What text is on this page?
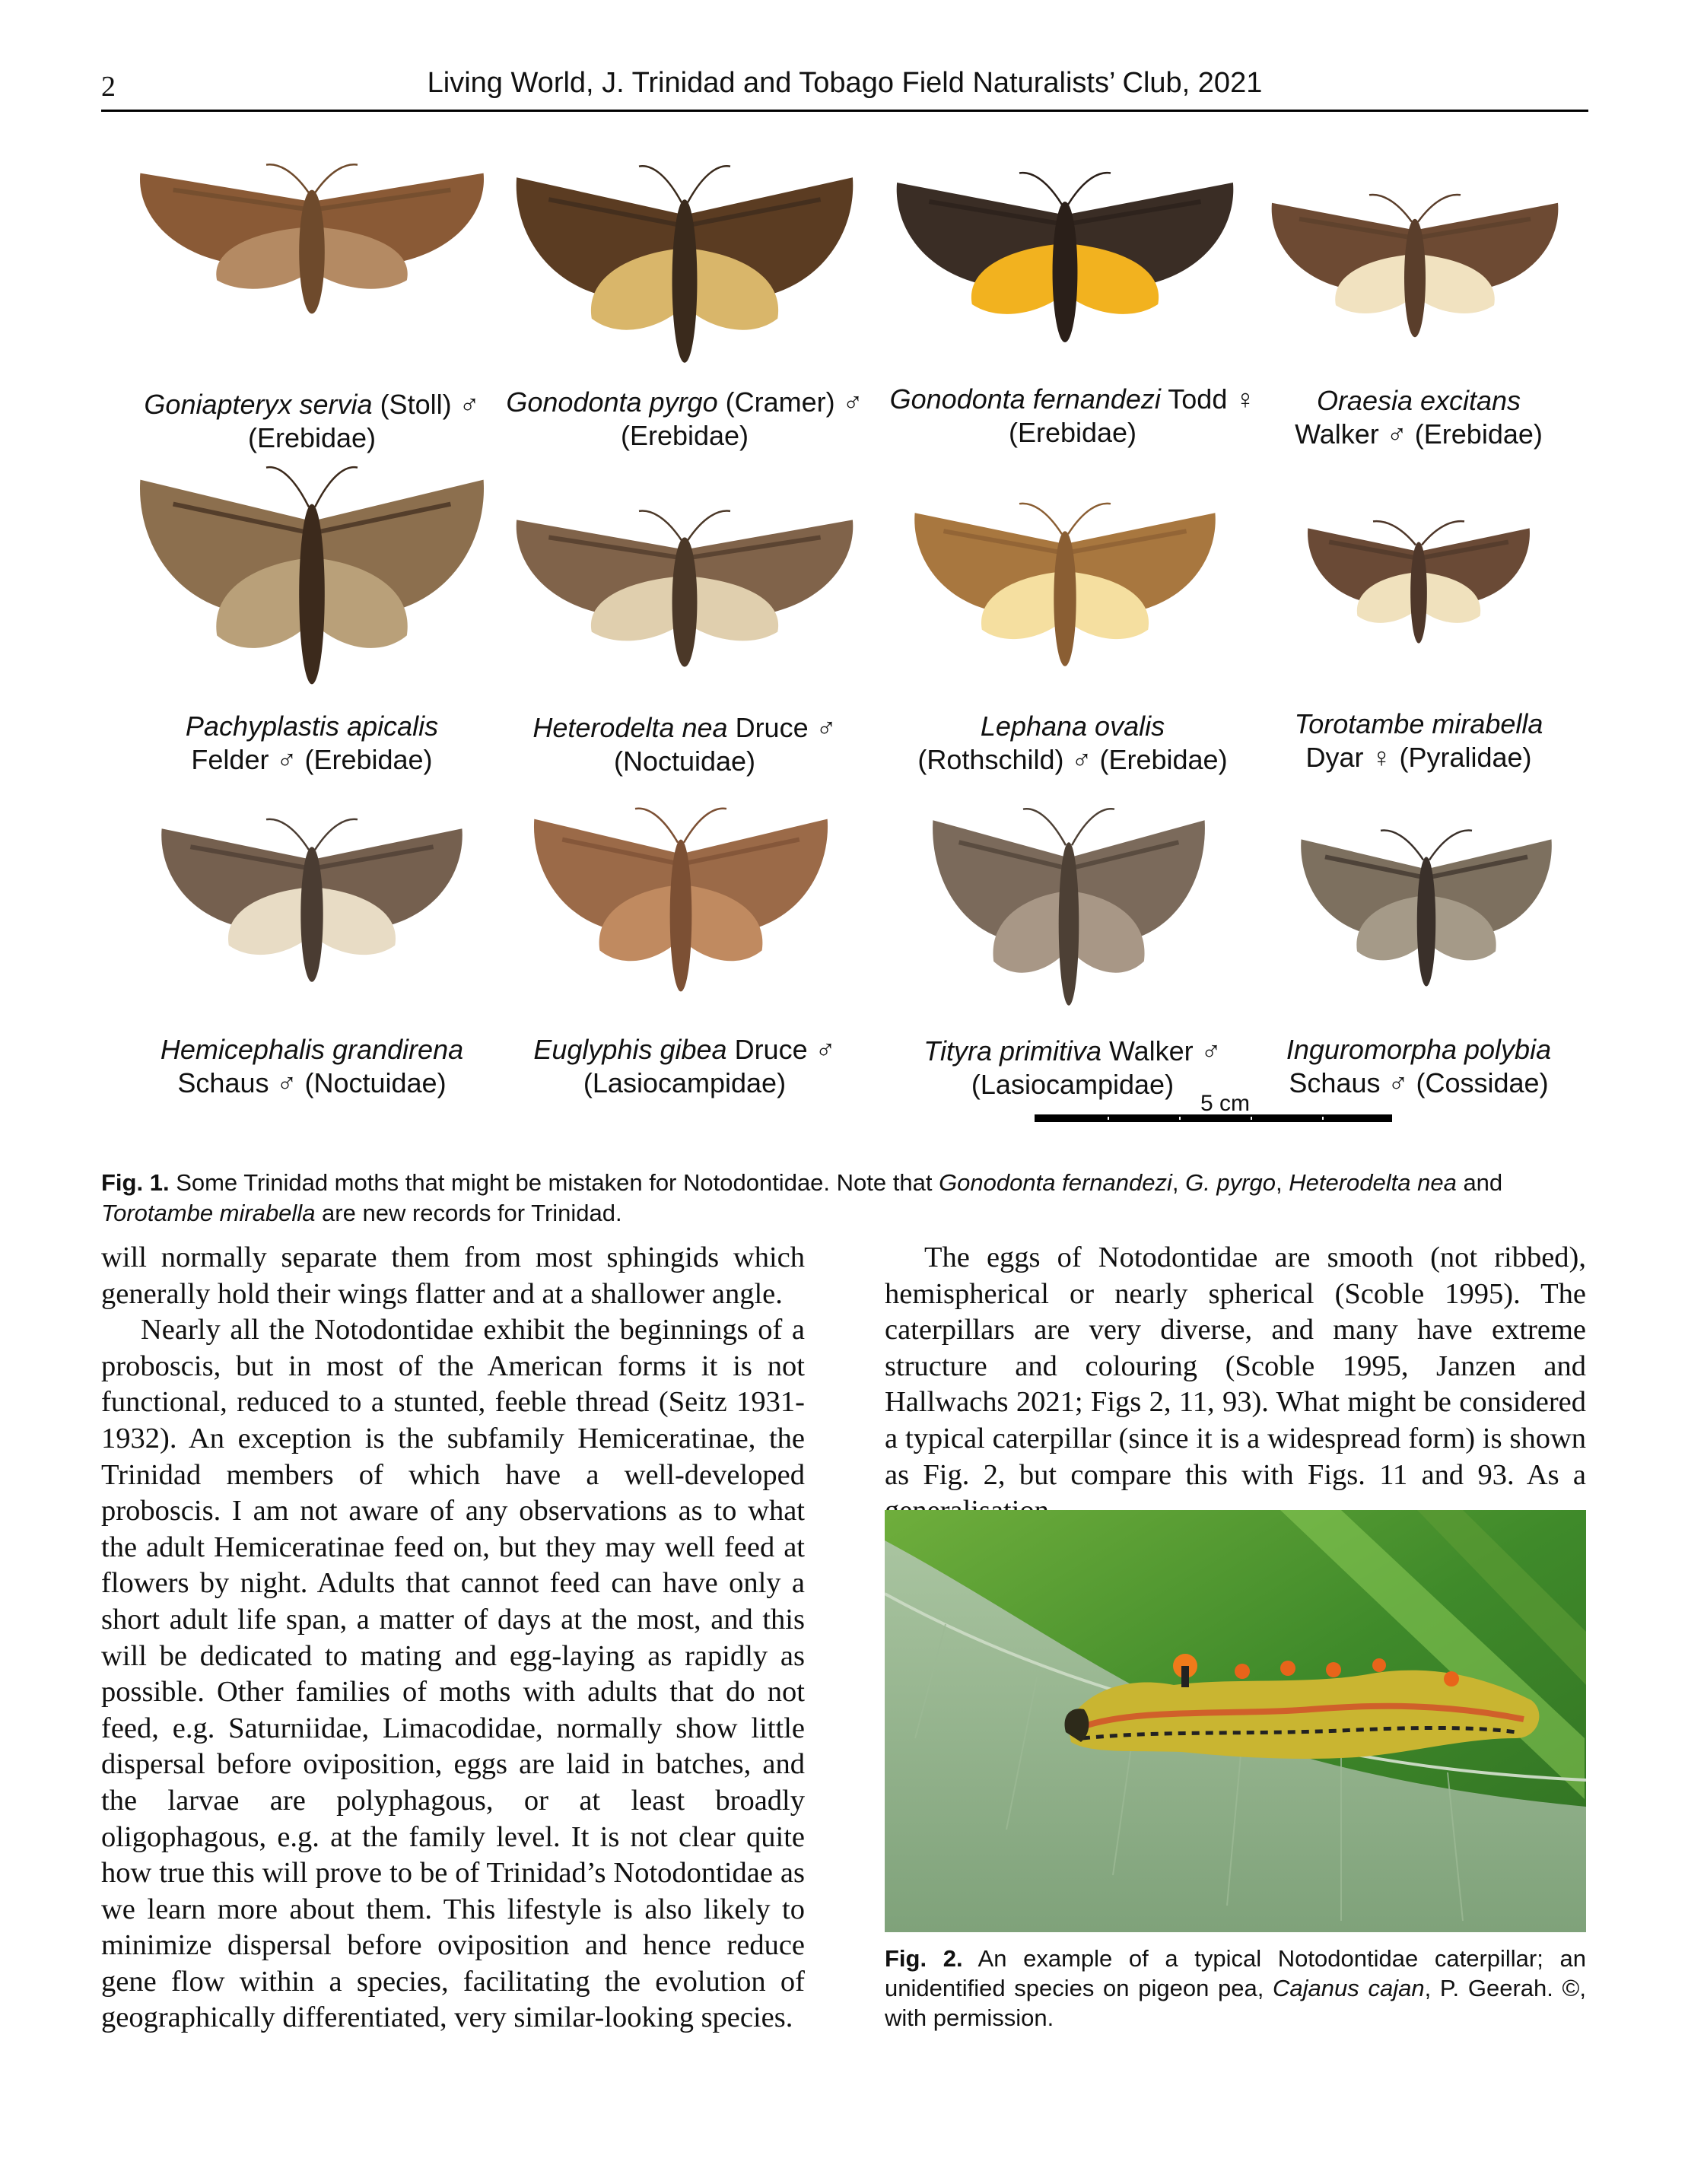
2	Living World, J. Trinidad and Tobago Field Naturalists’ Club, 2021
Goniapteryx servia (Stoll) ♂
(Erebidae)
Gonodonta pyrgo (Cramer) ♂
(Erebidae)
Gonodonta fernandezi Todd ♀
(Erebidae)
Oraesia excitans
Walker ♂ (Erebidae)
Pachyplastis apicalis
Felder ♂ (Erebidae)
Heterodelta nea Druce ♂
(Noctuidae)
Lephana ovalis
(Rothschild) ♂ (Erebidae)
Torotambe mirabella
Dyar ♀ (Pyralidae)
Hemicephalis grandirena
Schaus ♂ (Noctuidae)
Euglyphis gibea Druce ♂
(Lasiocampidae)
Tityra primitiva Walker ♂
(Lasiocampidae)
Inguromorpha polybia
Schaus ♂ (Cossidae)
5 cm
Fig. 1. Some Trinidad moths that might be mistaken for Notodontidae. Note that Gonodonta fernandezi, G. pyrgo, Heterodelta nea and Torotambe mirabella are new records for Trinidad.

will normally separate them from most sphingids which generally hold their wings flatter and at a shallower angle.

Nearly all the Notodontidae exhibit the beginnings of a proboscis, but in most of the American forms it is not functional, reduced to a stunted, feeble thread (Seitz 1931-1932). An exception is the subfamily Hemiceratinae, the Trinidad members of which have a well-developed proboscis. I am not aware of any observations as to what the adult Hemiceratinae feed on, but they may well feed at flowers by night. Adults that cannot feed can have only a short adult life span, a matter of days at the most, and this will be dedicated to mating and egg-laying as rapidly as possible. Other families of moths with adults that do not feed, e.g. Saturniidae, Limacodidae, normally show little dispersal before oviposition, eggs are laid in batches, and the larvae are polyphagous, or at least broadly oligophagous, e.g. at the family level. It is not clear quite how true this will prove to be of Trinidad’s Notodontidae as we learn more about them. This lifestyle is also likely to minimize dispersal before oviposition and hence reduce gene flow within a species, facilitating the evolution of geographically differentiated, very similar-looking species.

The eggs of Notodontidae are smooth (not ribbed), hemispherical or nearly spherical (Scoble 1995). The caterpillars are very diverse, and many have extreme structure and colouring (Scoble 1995, Janzen and Hallwachs 2021; Figs 2, 11, 93). What might be considered a typical caterpillar (since it is a widespread form) is shown as Fig. 2, but compare this with Figs. 11 and 93. As a

Fig. 2. An example of a typical Notodontidae caterpillar; an unidentified species on pigeon pea, Cajanus cajan, P. Geerah. ©, with permission.
